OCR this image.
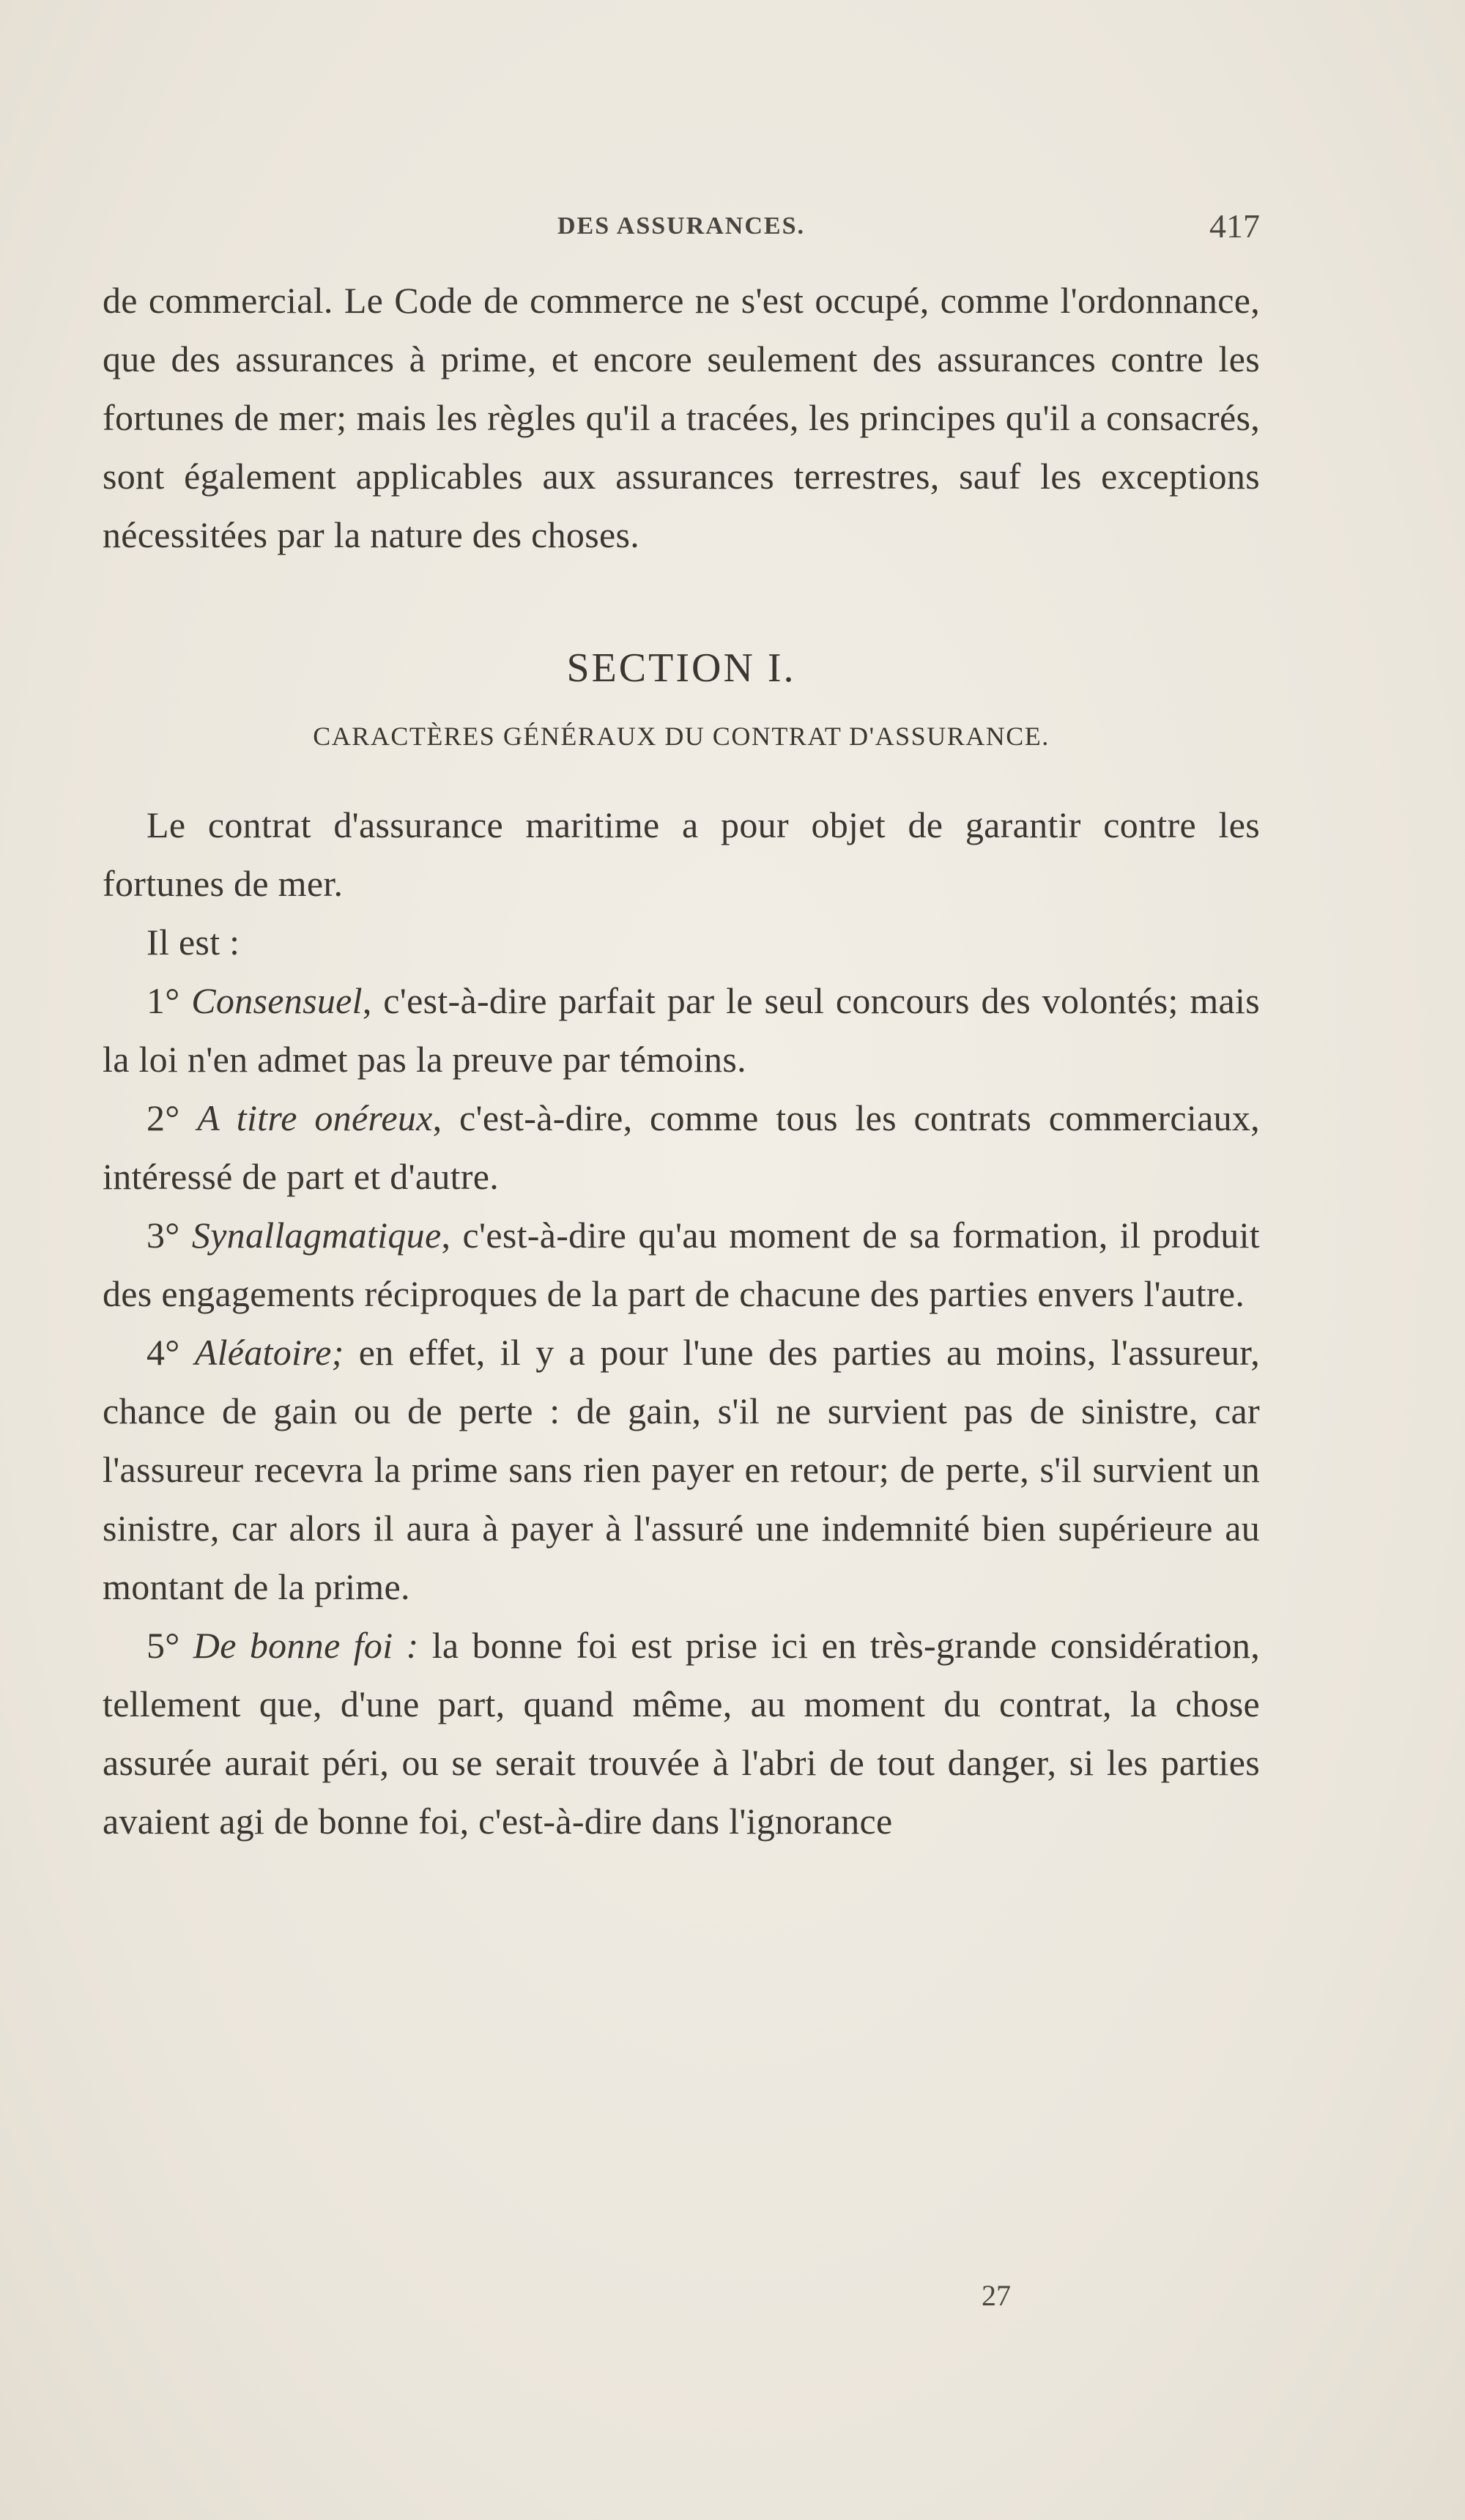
DES ASSURANCES.	417

de commercial. Le Code de commerce ne s'est occupé, comme l'ordonnance, que des assurances à prime, et encore seulement des assurances contre les fortunes de mer; mais les règles qu'il a tracées, les principes qu'il a consacrés, sont également applicables aux assurances terrestres, sauf les exceptions nécessitées par la nature des choses.

SECTION I.
CARACTÈRES GÉNÉRAUX DU CONTRAT D'ASSURANCE.

Le contrat d'assurance maritime a pour objet de garantir contre les fortunes de mer.

Il est :

1° Consensuel, c'est-à-dire parfait par le seul concours des volontés; mais la loi n'en admet pas la preuve par témoins.

2° A titre onéreux, c'est-à-dire, comme tous les contrats commerciaux, intéressé de part et d'autre.

3° Synallagmatique, c'est-à-dire qu'au moment de sa formation, il produit des engagements réciproques de la part de chacune des parties envers l'autre.

4° Aléatoire; en effet, il y a pour l'une des parties au moins, l'assureur, chance de gain ou de perte : de gain, s'il ne survient pas de sinistre, car l'assureur recevra la prime sans rien payer en retour; de perte, s'il survient un sinistre, car alors il aura à payer à l'assuré une indemnité bien supérieure au montant de la prime.

5° De bonne foi : la bonne foi est prise ici en très-grande considération, tellement que, d'une part, quand même, au moment du contrat, la chose assurée aurait péri, ou se serait trouvée à l'abri de tout danger, si les parties avaient agi de bonne foi, c'est-à-dire dans l'ignorance

27
